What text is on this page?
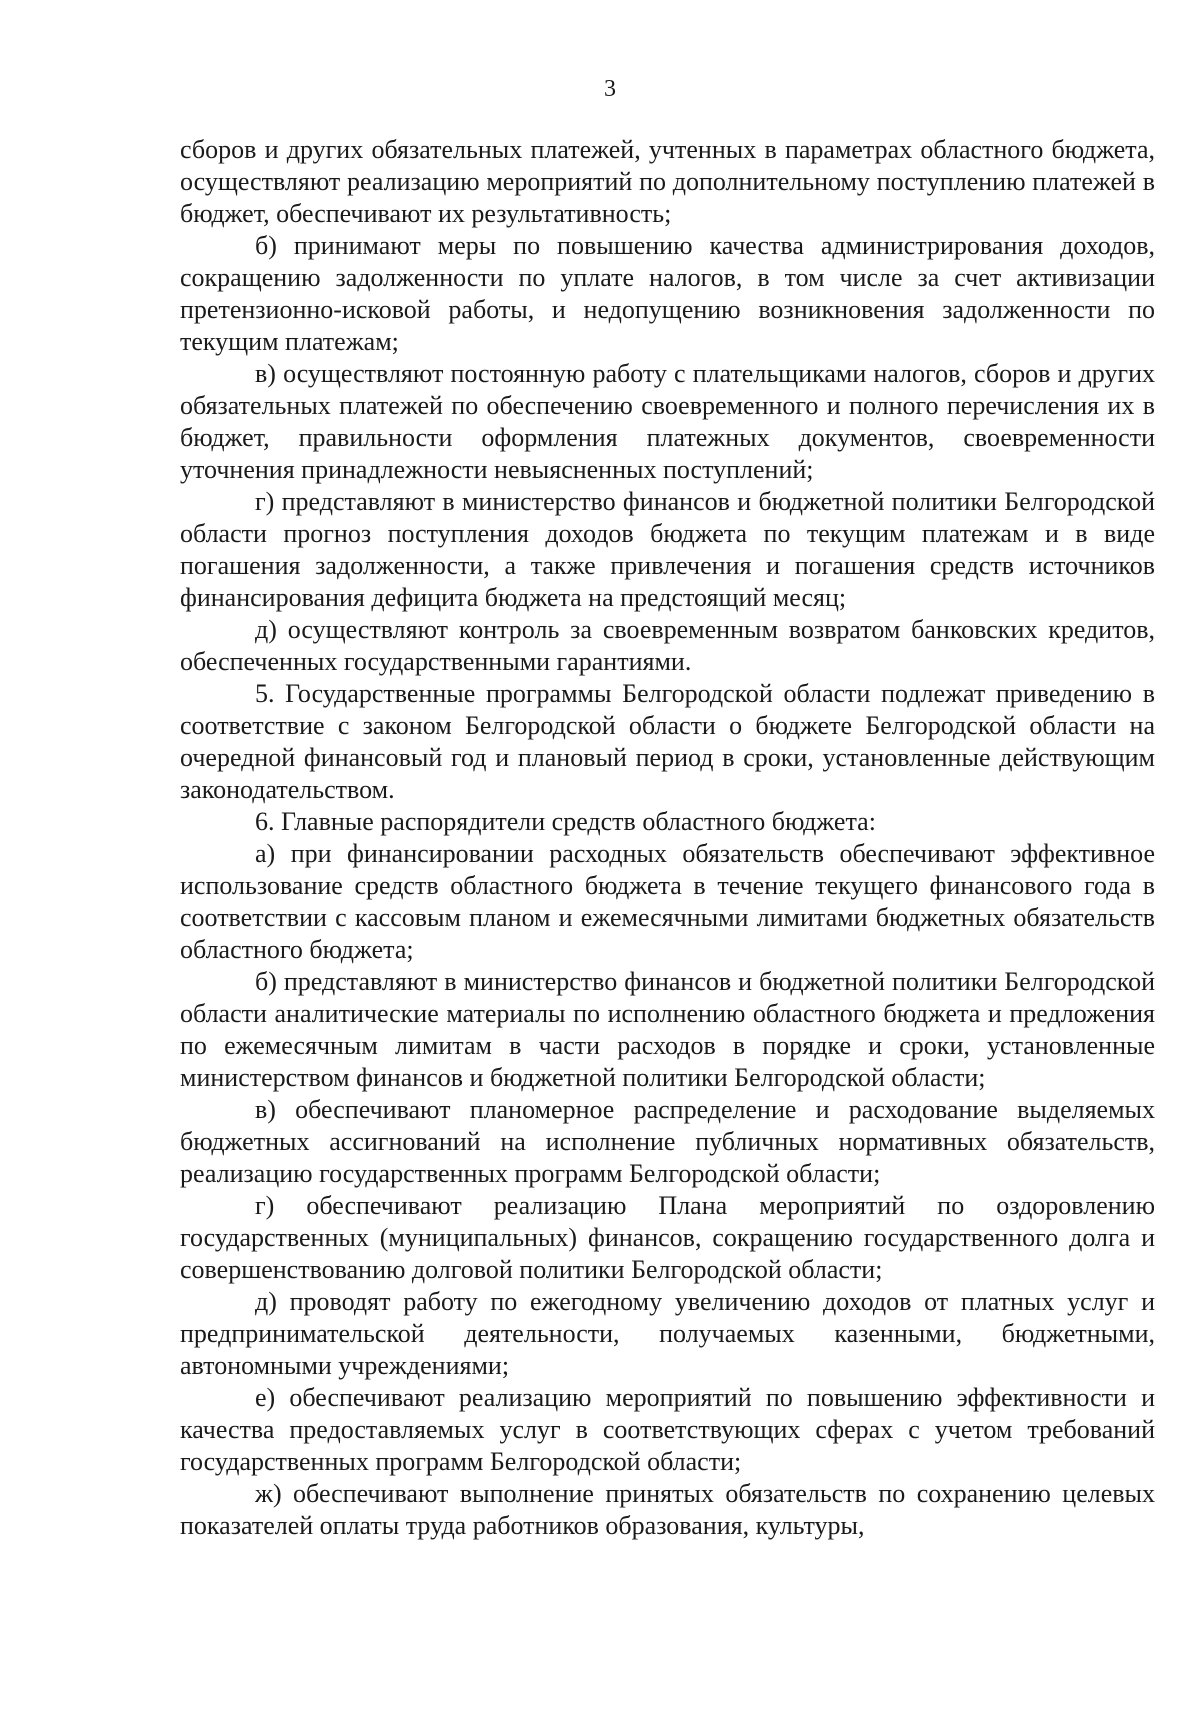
3

сборов и других обязательных платежей, учтенных в параметрах областного бюджета, осуществляют реализацию мероприятий по дополнительному поступлению платежей в бюджет, обеспечивают их результативность;

б) принимают меры по повышению качества администрирования доходов, сокращению задолженности по уплате налогов, в том числе за счет активизации претензионно-исковой работы, и недопущению возникновения задолженности по текущим платежам;

в) осуществляют постоянную работу с плательщиками налогов, сборов и других обязательных платежей по обеспечению своевременного и полного перечисления их в бюджет, правильности оформления платежных документов, своевременности уточнения принадлежности невыясненных поступлений;

г) представляют в министерство финансов и бюджетной политики Белгородской области прогноз поступления доходов бюджета по текущим платежам и в виде погашения задолженности, а также привлечения и погашения средств источников финансирования дефицита бюджета на предстоящий месяц;

д) осуществляют контроль за своевременным возвратом банковских кредитов, обеспеченных государственными гарантиями.

5. Государственные программы Белгородской области подлежат приведению в соответствие с законом Белгородской области о бюджете Белгородской области на очередной финансовый год и плановый период в сроки, установленные действующим законодательством.

6. Главные распорядители средств областного бюджета:

а) при финансировании расходных обязательств обеспечивают эффективное использование средств областного бюджета в течение текущего финансового года в соответствии с кассовым планом и ежемесячными лимитами бюджетных обязательств областного бюджета;

б) представляют в министерство финансов и бюджетной политики Белгородской области аналитические материалы по исполнению областного бюджета и предложения по ежемесячным лимитам в части расходов в порядке и сроки, установленные министерством финансов и бюджетной политики Белгородской области;

в) обеспечивают планомерное распределение и расходование выделяемых бюджетных ассигнований на исполнение публичных нормативных обязательств, реализацию государственных программ Белгородской области;

г) обеспечивают реализацию Плана мероприятий по оздоровлению государственных (муниципальных) финансов, сокращению государственного долга и совершенствованию долговой политики Белгородской области;

д) проводят работу по ежегодному увеличению доходов от платных услуг и предпринимательской деятельности, получаемых казенными, бюджетными, автономными учреждениями;

е) обеспечивают реализацию мероприятий по повышению эффективности и качества предоставляемых услуг в соответствующих сферах с учетом требований государственных программ Белгородской области;

ж) обеспечивают выполнение принятых обязательств по сохранению целевых показателей оплаты труда работников образования, культуры,
